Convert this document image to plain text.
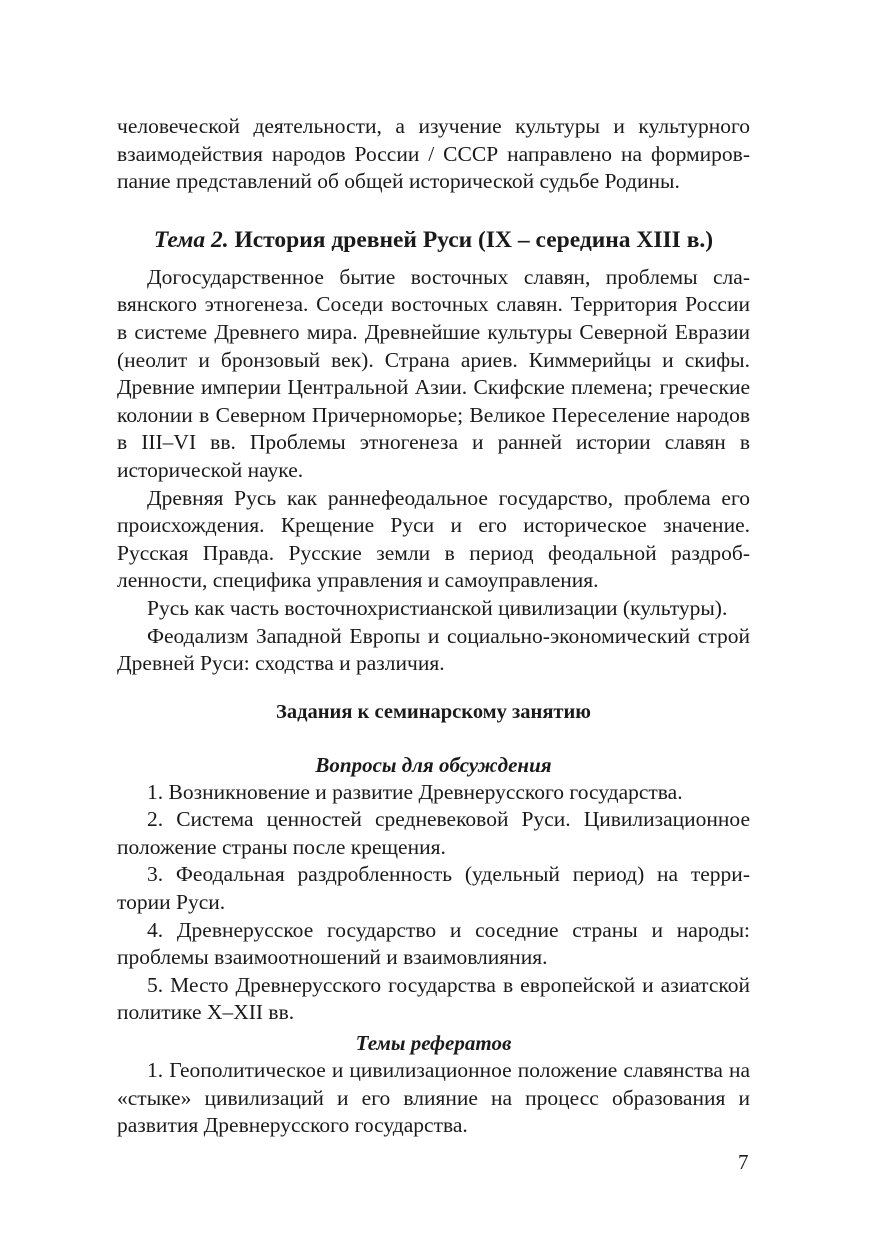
человеческой деятельности, а изучение культуры и культурного взаимодействия народов России / СССР направлено на формировпание представлений об общей исторической судьбе Родины.

Тема 2. История древней Руси (IX – середина XIII в.)

Догосударственное бытие восточных славян, проблемы славянского этногенеза. Соседи восточных славян. Территория России в системе Древнего мира. Древнейшие культуры Северной Евразии (неолит и бронзовый век). Страна ариев. Киммерийцы и скифы. Древние империи Центральной Азии. Скифские племена; греческие колонии в Северном Причерноморье; Великое Переселение народов в III–VI вв. Проблемы этногенеза и ранней истории славян в исторической науке.

Древняя Русь как раннефеодальное государство, проблема его происхождения. Крещение Руси и его историческое значение. Русская Правда. Русские земли в период феодальной раздробленности, специфика управления и самоуправления.

Русь как часть восточнохристианской цивилизации (культуры).

Феодализм Западной Европы и социально-экономический строй Древней Руси: сходства и различия.

Задания к семинарскому занятию
Вопросы для обсуждения

1. Возникновение и развитие Древнерусского государства.

2. Система ценностей средневековой Руси. Цивилизационное положение страны после крещения.

3. Феодальная раздробленность (удельный период) на территории Руси.

4. Древнерусское государство и соседние страны и народы: проблемы взаимоотношений и взаимовлияния.

5. Место Древнерусского государства в европейской и азиатской политике X–XII вв.

Темы рефератов

1. Геополитическое и цивилизационное положение славянства на «стыке» цивилизаций и его влияние на процесс образования и развития Древнерусского государства.

7
